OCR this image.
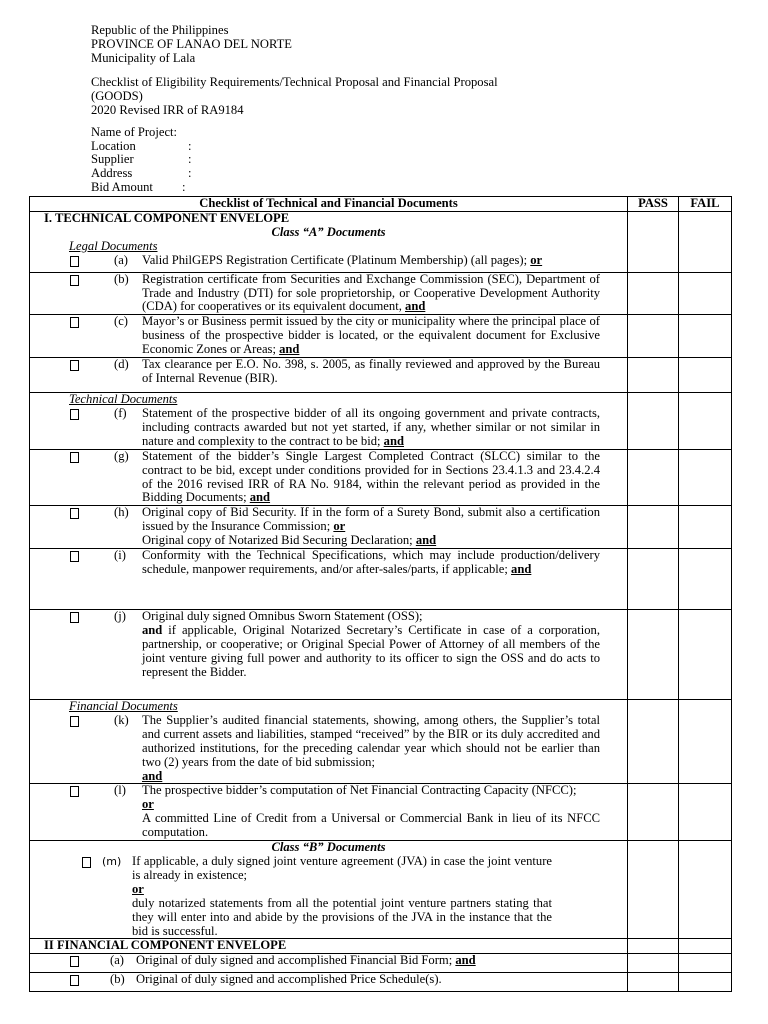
Republic of the Philippines
PROVINCE OF LANAO DEL NORTE
Municipality of Lala
Checklist of Eligibility Requirements/Technical Proposal and Financial Proposal
(GOODS)
2020 Revised IRR of RA9184
Name of Project:
Location	:
Supplier	:
Address	:
Bid Amount	:
Checklist of Technical and Financial Documents	PASS	FAIL

I. TECHNICAL COMPONENT ENVELOPE
Class “A” Documents
Legal Documents
(a) Valid PhilGEPS Registration Certificate (Platinum Membership) (all pages); or		

(b) Registration certificate from Securities and Exchange Commission (SEC), Department of Trade and Industry (DTI) for sole proprietorship, or Cooperative Development Authority (CDA) for cooperatives or its equivalent document, and		

(c) Mayor’s or Business permit issued by the city or municipality where the principal place of business of the prospective bidder is located, or the equivalent document for Exclusive Economic Zones or Areas; and		

(d) Tax clearance per E.O. No. 398, s. 2005, as finally reviewed and approved by the Bureau of Internal Revenue (BIR).		

Technical Documents
(f) Statement of the prospective bidder of all its ongoing government and private contracts, including contracts awarded but not yet started, if any, whether similar or not similar in nature and complexity to the contract to be bid; and		

(g) Statement of the bidder’s Single Largest Completed Contract (SLCC) similar to the contract to be bid, except under conditions provided for in Sections 23.4.1.3 and 23.4.2.4 of the 2016 revised IRR of RA No. 9184, within the relevant period as provided in the Bidding Documents; and		

(h) Original copy of Bid Security. If in the form of a Surety Bond, submit also a certification issued by the Insurance Commission; or
Original copy of Notarized Bid Securing Declaration; and		

(i) Conformity with the Technical Specifications, which may include production/delivery schedule, manpower requirements, and/or after-sales/parts, if applicable; and		

(j) Original duly signed Omnibus Sworn Statement (OSS);
and if applicable, Original Notarized Secretary’s Certificate in case of a corporation, partnership, or cooperative; or Original Special Power of Attorney of all members of the joint venture giving full power and authority to its officer to sign the OSS and do acts to represent the Bidder.		

Financial Documents
(k) The Supplier’s audited financial statements, showing, among others, the Supplier’s total and current assets and liabilities, stamped “received” by the BIR or its duly accredited and authorized institutions, for the preceding calendar year which should not be earlier than two (2) years from the date of bid submission;
and		

(l) The prospective bidder’s computation of Net Financial Contracting Capacity (NFCC);
or
A committed Line of Credit from a Universal or Commercial Bank in lieu of its NFCC computation.		

Class “B” Documents
(m) If applicable, a duly signed joint venture agreement (JVA) in case the joint venture is already in existence;
or
duly notarized statements from all the potential joint venture partners stating that they will enter into and abide by the provisions of the JVA in the instance that the bid is successful.		

II FINANCIAL COMPONENT ENVELOPE		

(a) Original of duly signed and accomplished Financial Bid Form; and		

(b) Original of duly signed and accomplished Price Schedule(s).		
